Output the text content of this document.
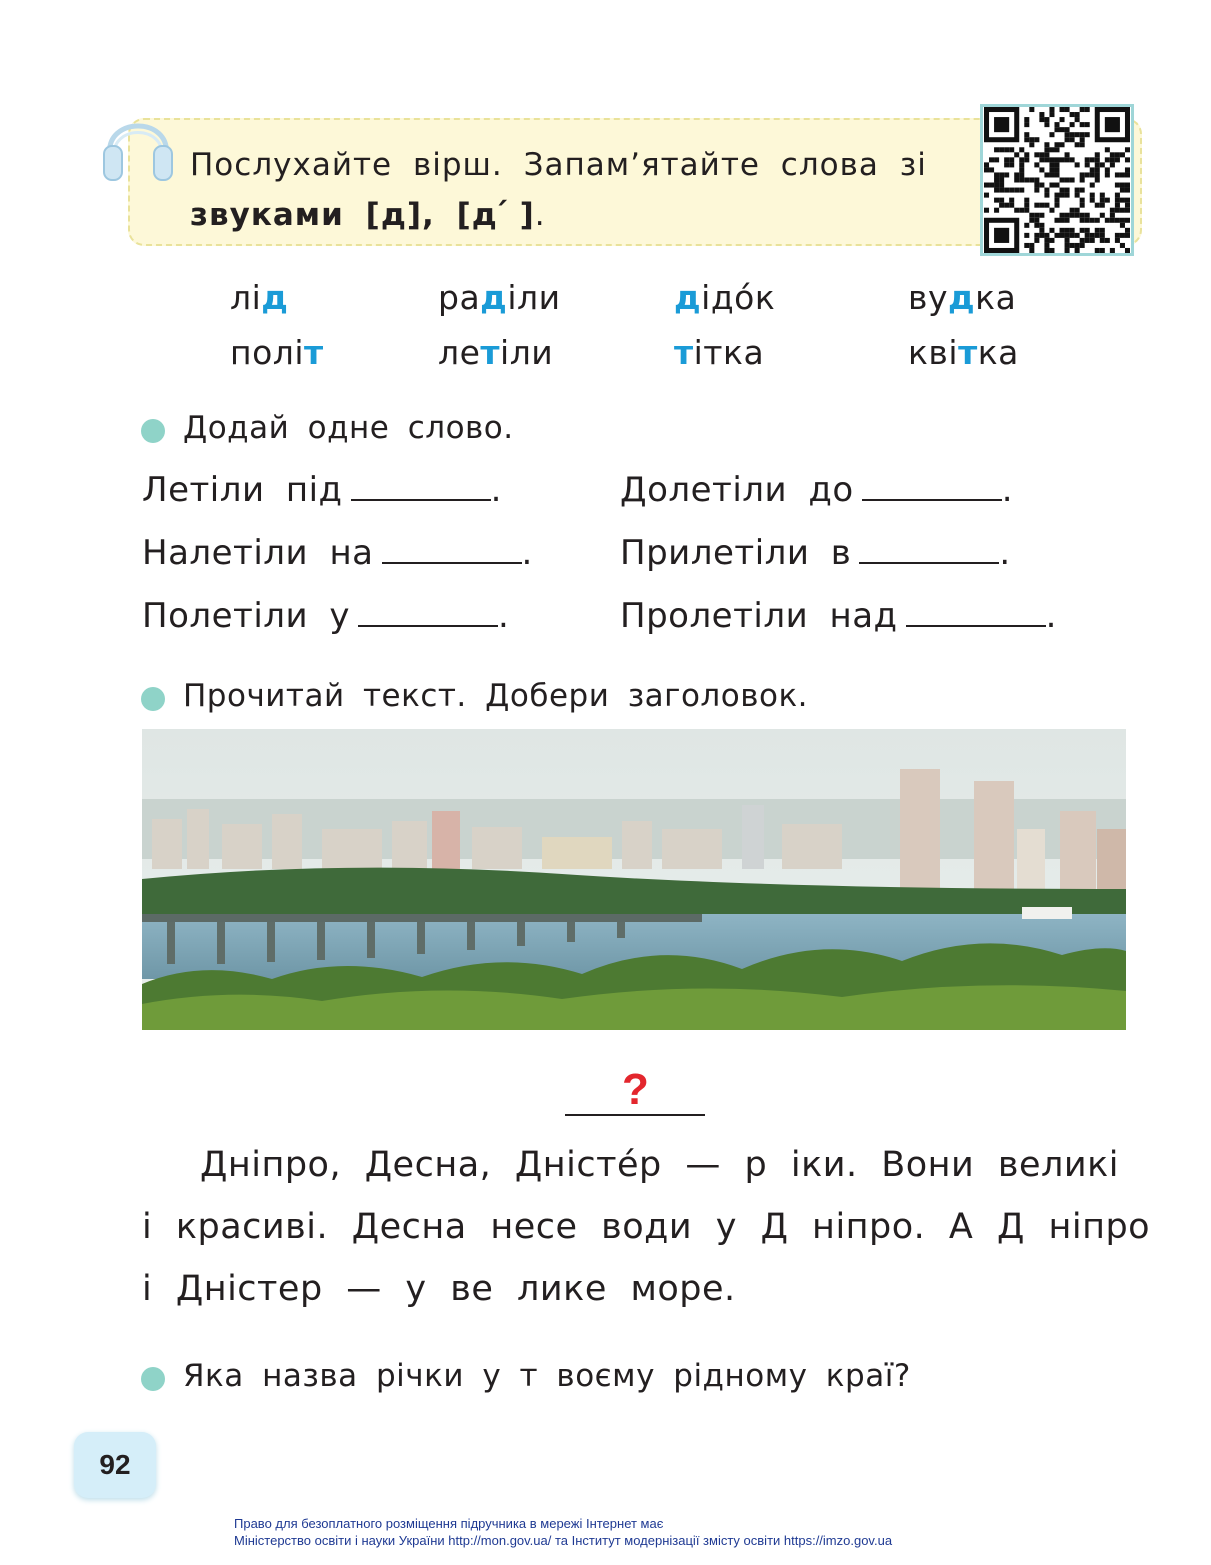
Послухайте вірш. Запам’ятайте слова зі
звуками [д], [д ́].
лід	раділи	дідóк	вудка
політ	летіли	тітка	квітка
Додай одне слово.
Летіли під	.	Долетіли до	.
Налетіли на	.	Прилетіли в	.
Полетіли у	.	Пролетіли над	.
Прочитай текст. Добери заголовок.
?
Дніпро, Десна, Дністéр — р іки. Вони великі
і красиві. Десна несе води у Д ніпро. А Д ніпро
і Дністер — у ве лике море.
Яка назва річки у т воєму рідному краї?
92
Право для безоплатного розміщення підручника в мережі Інтернет має
Міністерство освіти і науки України http://mon.gov.ua/ та Інститут модернізації змісту освіти https://imzo.gov.ua
